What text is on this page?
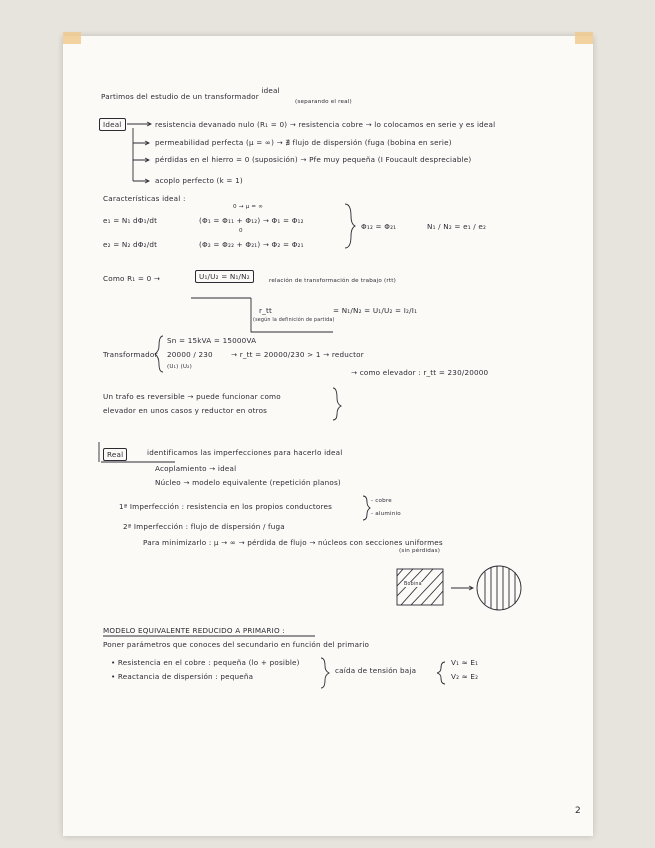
Partimos del estudio de un transformador ideal
(separando el real)
Ideal	resistencia devanado nulo (R₁ = 0) → resistencia cobre → lo colocamos en serie y es ideal
permeabilidad perfecta (μ = ∞) → ∄ flujo de dispersión (fuga (bobina en serie)
pérdidas en el hierro = 0 (suposición) → Pfe muy pequeña (I Foucault despreciable)
acoplo perfecto (k = 1)
Características ideal :
0 → μ = ∞
e₁ = N₁ dΦ₁/dt	(Φ₁ = Φ₁₁ + Φ₁₂) → Φ₁ = Φ₁₂
0	Φ₁₂ = Φ₂₁	N₁ / N₂ = e₁ / e₂
e₂ = N₂ dΦ₂/dt	(Φ₂ = Φ₂₂ + Φ₂₁) → Φ₂ = Φ₂₁
Como R₁ = 0 →	U₁/U₂ = N₁/N₂	relación de transformación de trabajo (rtt)
r_tt
(según la definición de partida)
= N₁/N₂ = U₁/U₂ = I₂/I₁
Transformador
Sn = 15kVA = 15000VA
20000 / 230	→ r_tt = 20000/230 > 1 → reductor
(U₁) (U₂)
→ como elevador : r_tt = 230/20000
Un trafo es reversible → puede funcionar como
elevador en unos casos y reductor en otros
Real	identificamos las imperfecciones para hacerlo ideal
Acoplamiento → ideal
Núcleo → modelo equivalente (repetición planos)
1ª Imperfección : resistencia en los propios conductores
- cobre
- aluminio
2ª Imperfección : flujo de dispersión / fuga
Para minimizarlo : μ → ∞ → pérdida de flujo → núcleos con secciones uniformes
(sin pérdidas)
Bobina
MODELO EQUIVALENTE REDUCIDO A PRIMARIO :
Poner parámetros que conoces del secundario en función del primario
• Resistencia en el cobre : pequeña (lo + posible)
• Reactancia de dispersión : pequeña
caída de tensión baja
V₁ ≈ E₁
V₂ ≈ E₂
2
